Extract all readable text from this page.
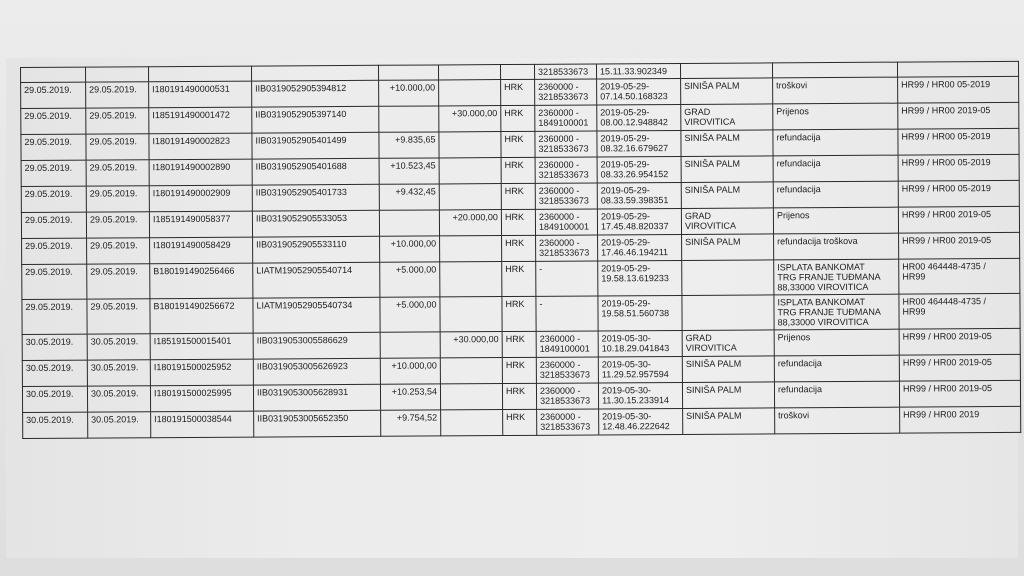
							3218533673	15.11.33.902349			
29.05.2019.	29.05.2019.	I180191490000531	IIB0319052905394812	+10.000,00		HRK	2360000 -
3218533673	2019-05-29-
07.14.50.168323	SINIŠA PALM	troškovi	HR99 / HR00 05-2019
29.05.2019.	29.05.2019.	I185191490001472	IIB0319052905397140		+30.000,00	HRK	2360000 -
1849100001	2019-05-29-
08.00.12.948842	GRAD
VIROVITICA	Prijenos	HR99 / HR00 2019-05
29.05.2019.	29.05.2019.	I180191490002823	IIB0319052905401499	+9.835,65		HRK	2360000 -
3218533673	2019-05-29-
08.32.16.679627	SINIŠA PALM	refundacija	HR99 / HR00 05-2019
29.05.2019.	29.05.2019.	I180191490002890	IIB0319052905401688	+10.523,45		HRK	2360000 -
3218533673	2019-05-29-
08.33.26.954152	SINIŠA PALM	refundacija	HR99 / HR00 05-2019
29.05.2019.	29.05.2019.	I180191490002909	IIB0319052905401733	+9.432,45		HRK	2360000 -
3218533673	2019-05-29-
08.33.59.398351	SINIŠA PALM	refundacija	HR99 / HR00 05-2019
29.05.2019.	29.05.2019.	I185191490058377	IIB0319052905533053		+20.000,00	HRK	2360000 -
1849100001	2019-05-29-
17.45.48.820337	GRAD
VIROVITICA	Prijenos	HR99 / HR00 2019-05
29.05.2019.	29.05.2019.	I180191490058429	IIB0319052905533110	+10.000,00		HRK	2360000 -
3218533673	2019-05-29-
17.46.46.194211	SINIŠA PALM	refundacija troškova	HR99 / HR00 2019-05
29.05.2019.	29.05.2019.	B180191490256466	LIATM19052905540714	+5.000,00		HRK	-	2019-05-29-
19.58.13.619233		ISPLATA BANKOMAT
TRG FRANJE TUĐMANA
88,33000 VIROVITICA	HR00 464448-4735 /
HR99
29.05.2019.	29.05.2019.	B180191490256672	LIATM19052905540734	+5.000,00		HRK	-	2019-05-29-
19.58.51.560738		ISPLATA BANKOMAT
TRG FRANJE TUĐMANA
88,33000 VIROVITICA	HR00 464448-4735 /
HR99
30.05.2019.	30.05.2019.	I185191500015401	IIB0319053005586629		+30.000,00	HRK	2360000 -
1849100001	2019-05-30-
10.18.29.041843	GRAD
VIROVITICA	Prijenos	HR99 / HR00 2019-05
30.05.2019.	30.05.2019.	I180191500025952	IIB0319053005626923	+10.000,00		HRK	2360000 -
3218533673	2019-05-30-
11.29.52.957594	SINIŠA PALM	refundacija	HR99 / HR00 2019-05
30.05.2019.	30.05.2019.	I180191500025995	IIB0319053005628931	+10.253,54		HRK	2360000 -
3218533673	2019-05-30-
11.30.15.233914	SINIŠA PALM	refundacija	HR99 / HR00 2019-05
30.05.2019.	30.05.2019.	I180191500038544	IIB0319053005652350	+9.754,52		HRK	2360000 -
3218533673	2019-05-30-
12.48.46.222642	SINIŠA PALM	troškovi	HR99 / HR00 2019
